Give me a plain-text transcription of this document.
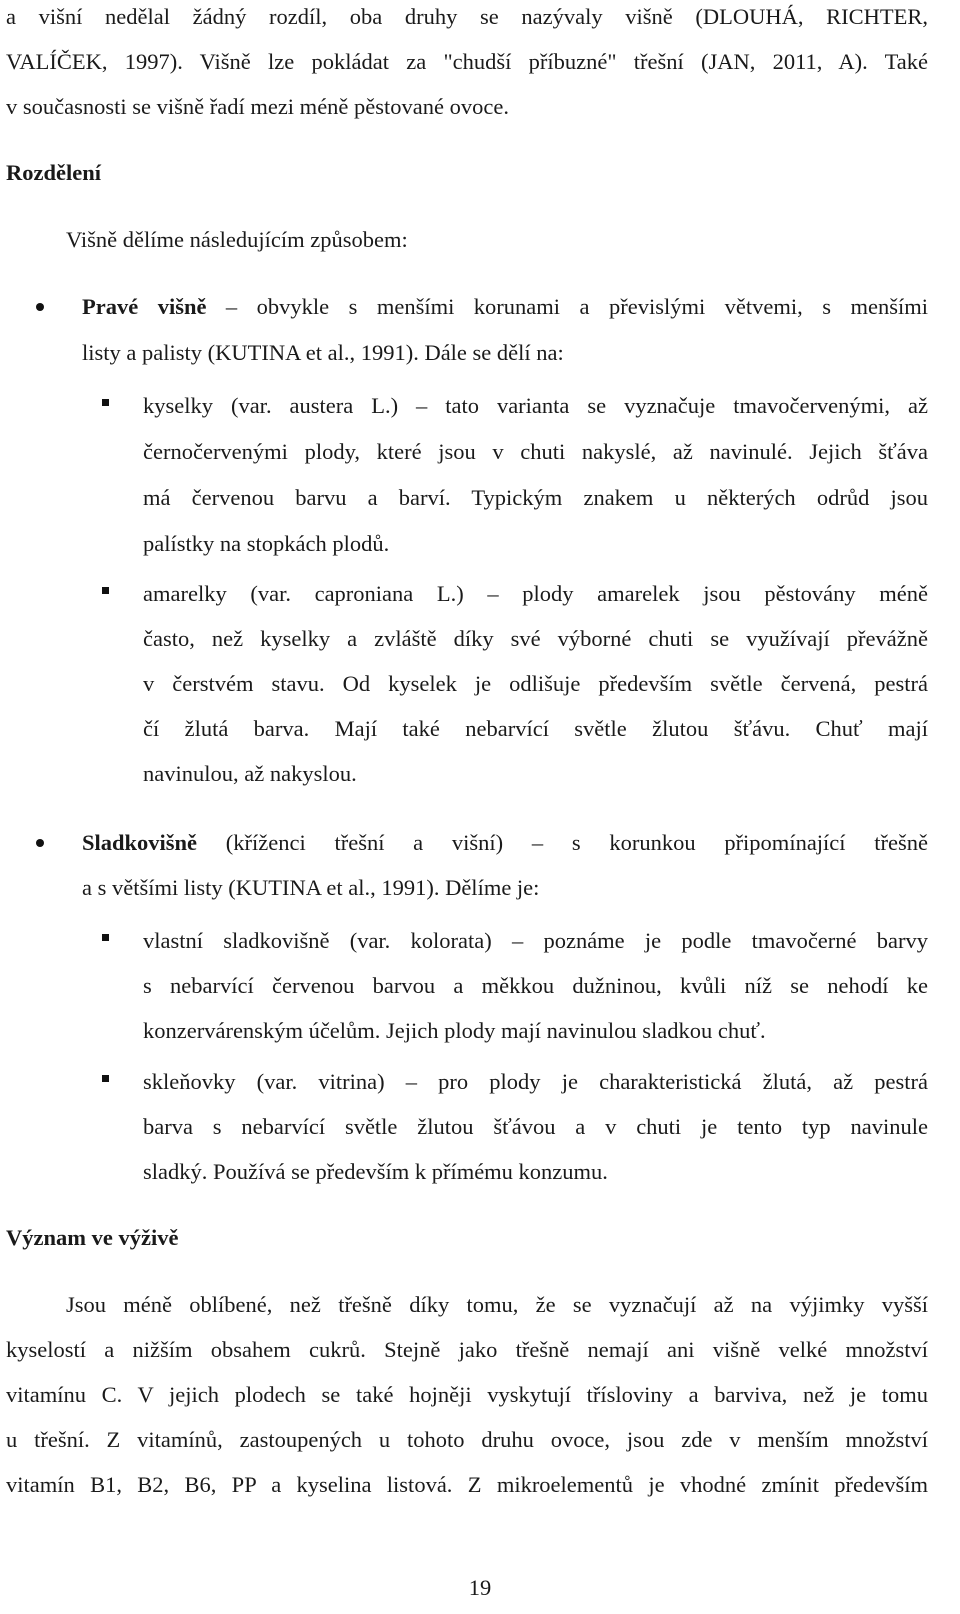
a višní nedělal žádný rozdíl, oba druhy se nazývaly višně (DLOUHÁ, RICHTER,

VALÍČEK, 1997). Višně lze pokládat za "chudší příbuzné" třešní (JAN, 2011, A). Také

v současnosti se višně řadí mezi méně pěstované ovoce.

Rozdělení

Višně dělíme následujícím způsobem:

Pravé višně – obvykle s menšími korunami a převislými větvemi, s menšími

listy a palisty (KUTINA et al., 1991). Dále se dělí na:

kyselky (var. austera L.) – tato varianta se vyznačuje tmavočervenými, až

černočervenými plody, které jsou v chuti nakyslé, až navinulé. Jejich šťáva

má červenou barvu a barví. Typickým znakem u některých odrůd jsou

palístky na stopkách plodů.

amarelky (var. caproniana L.) – plody amarelek jsou pěstovány méně

často, než kyselky a zvláště díky své výborné chuti se využívají převážně

v čerstvém stavu. Od kyselek je odlišuje především světle červená, pestrá

čí žlutá barva. Mají také nebarvící světle žlutou šťávu. Chuť mají

navinulou, až nakyslou.

Sladkovišně (kříženci třešní a višní) – s korunkou připomínající třešně

a s většími listy (KUTINA et al., 1991). Dělíme je:

vlastní sladkovišně (var. kolorata) – poznáme je podle tmavočerné barvy

s nebarvící červenou barvou a měkkou dužninou, kvůli níž se nehodí ke

konzervárenským účelům. Jejich plody mají navinulou sladkou chuť.

skleňovky (var. vitrina) – pro plody je charakteristická žlutá, až pestrá

barva s nebarvící světle žlutou šťávou a v chuti je tento typ navinule

sladký. Používá se především k přímému konzumu.

Význam ve výživě

Jsou méně oblíbené, než třešně díky tomu, že se vyznačují až na výjimky vyšší

kyselostí a nižším obsahem cukrů. Stejně jako třešně nemají ani višně velké množství

vitamínu C. V jejich plodech se také hojněji vyskytují třísloviny a barviva, než je tomu

u třešní. Z vitamínů, zastoupených u tohoto druhu ovoce, jsou zde v menším množství

vitamín B1, B2, B6, PP a kyselina listová. Z mikroelementů je vhodné zmínit především

19
